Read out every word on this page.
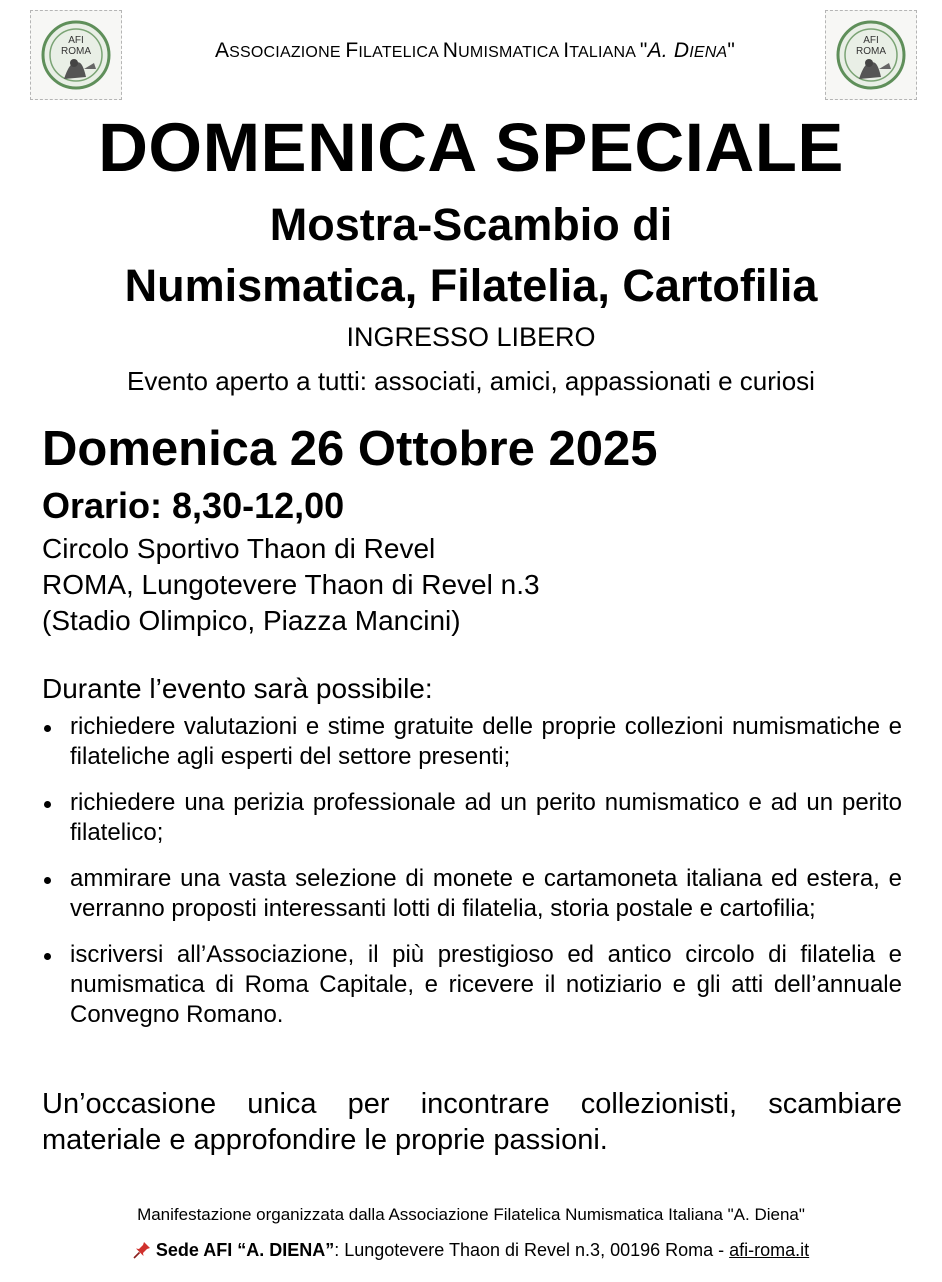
AFI
ROMA
AFI
ROMA
ASSOCIAZIONE FILATELICA NUMISMATICA ITALIANA "A. DIENA"
DOMENICA SPECIALE
Mostra-Scambio di
Numismatica, Filatelia, Cartofilia
INGRESSO LIBERO
Evento aperto a tutti: associati, amici, appassionati e curiosi
Domenica 26 Ottobre 2025
Orario: 8,30-12,00
Circolo Sportivo Thaon di Revel
ROMA, Lungotevere Thaon di Revel n.3
(Stadio Olimpico, Piazza Mancini)
Durante l’evento sarà possibile:
richiedere valutazioni e stime gratuite delle proprie collezioni numismatiche e filateliche agli esperti del settore presenti;
richiedere una perizia professionale ad un perito numismatico e ad un perito filatelico;
ammirare una vasta selezione di monete e cartamoneta italiana ed estera, e verranno proposti interessanti lotti di filatelia, storia postale e cartofilia;
iscriversi all’Associazione, il più prestigioso ed antico circolo di filatelia e numismatica di Roma Capitale, e ricevere il notiziario e gli atti dell’annuale Convegno Romano.
Un’occasione unica per incontrare collezionisti, scambiare materiale e approfondire le proprie passioni.
Manifestazione organizzata dalla Associazione Filatelica Numismatica Italiana "A. Diena"
Sede AFI “A. DIENA”: Lungotevere Thaon di Revel n.3, 00196 Roma - afi-roma.it
